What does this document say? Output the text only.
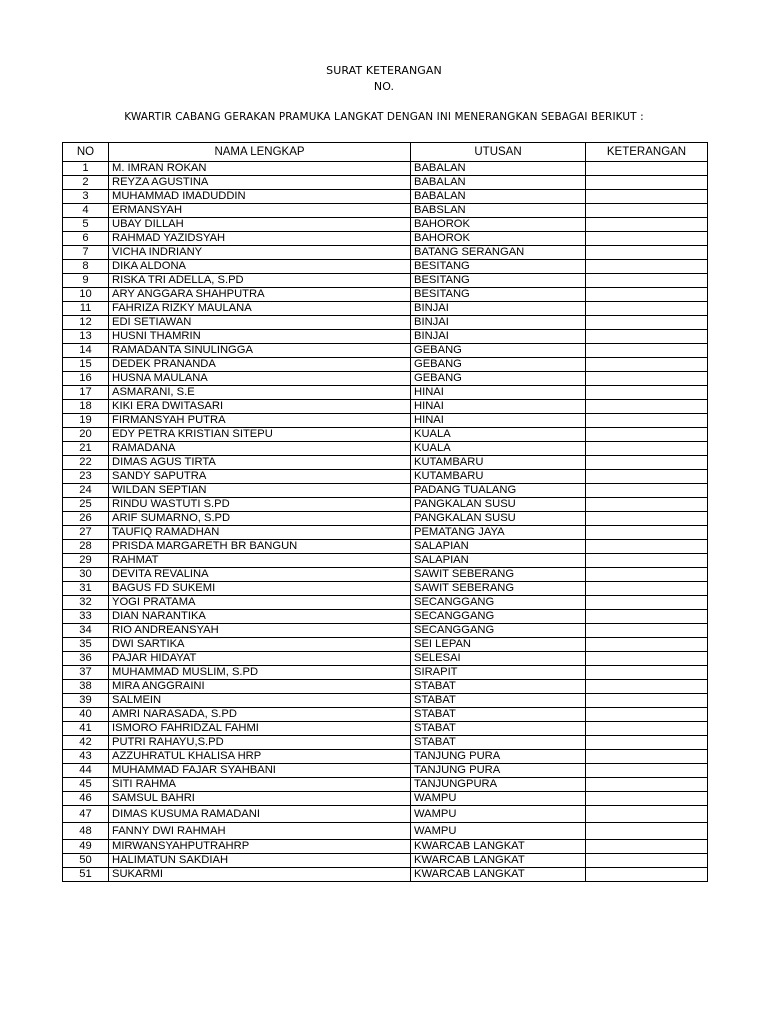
SURAT KETERANGAN
NO.
KWARTIR CABANG GERAKAN PRAMUKA LANGKAT DENGAN INI MENERANGKAN SEBAGAI BERIKUT :
NO	NAMA LENGKAP	UTUSAN	KETERANGAN
1	M. IMRAN ROKAN	BABALAN	
2	REYZA AGUSTINA	BABALAN	
3	MUHAMMAD IMADUDDIN	BABALAN	
4	ERMANSYAH	BABSLAN	
5	UBAY DILLAH	BAHOROK	
6	RAHMAD YAZIDSYAH	BAHOROK	
7	VICHA INDRIANY	BATANG SERANGAN	
8	DIKA ALDONA	BESITANG	
9	RISKA TRI ADELLA, S.PD	BESITANG	
10	ARY ANGGARA SHAHPUTRA	BESITANG	
11	FAHRIZA RIZKY MAULANA	BINJAI	
12	EDI SETIAWAN	BINJAI	
13	HUSNI THAMRIN	BINJAI	
14	RAMADANTA SINULINGGA	GEBANG	
15	DEDEK PRANANDA	GEBANG	
16	HUSNA MAULANA	GEBANG	
17	ASMARANI, S.E	HINAI	
18	KIKI ERA DWITASARI	HINAI	
19	FIRMANSYAH PUTRA	HINAI	
20	EDY PETRA KRISTIAN SITEPU	KUALA	
21	RAMADANA	KUALA	
22	DIMAS AGUS TIRTA	KUTAMBARU	
23	SANDY SAPUTRA	KUTAMBARU	
24	WILDAN SEPTIAN	PADANG TUALANG	
25	RINDU WASTUTI S.PD	PANGKALAN SUSU	
26	ARIF SUMARNO, S.PD	PANGKALAN SUSU	
27	TAUFIQ RAMADHAN	PEMATANG JAYA	
28	PRISDA MARGARETH BR BANGUN	SALAPIAN	
29	RAHMAT	SALAPIAN	
30	DEVITA REVALINA	SAWIT SEBERANG	
31	BAGUS FD SUKEMI	SAWIT SEBERANG	
32	YOGI PRATAMA	SECANGGANG	
33	DIAN NARANTIKA	SECANGGANG	
34	RIO ANDREANSYAH	SECANGGANG	
35	DWI SARTIKA	SEI LEPAN	
36	PAJAR HIDAYAT	SELESAI	
37	MUHAMMAD MUSLIM, S.PD	SIRAPIT	
38	MIRA ANGGRAINI	STABAT	
39	SALMEIN	STABAT	
40	AMRI NARASADA, S.PD	STABAT	
41	ISMORO FAHRIDZAL FAHMI	STABAT	
42	PUTRI RAHAYU,S.PD	STABAT	
43	AZZUHRATUL KHALISA HRP	TANJUNG PURA	
44	MUHAMMAD FAJAR SYAHBANI	TANJUNG PURA	
45	SITI RAHMA	TANJUNGPURA	
46	SAMSUL BAHRI	WAMPU	
47	DIMAS KUSUMA RAMADANI	WAMPU	
48	FANNY DWI RAHMAH	WAMPU	
49	MIRWANSYAHPUTRAHRP	KWARCAB LANGKAT	
50	HALIMATUN SAKDIAH	KWARCAB LANGKAT	
51	SUKARMI	KWARCAB LANGKAT	
